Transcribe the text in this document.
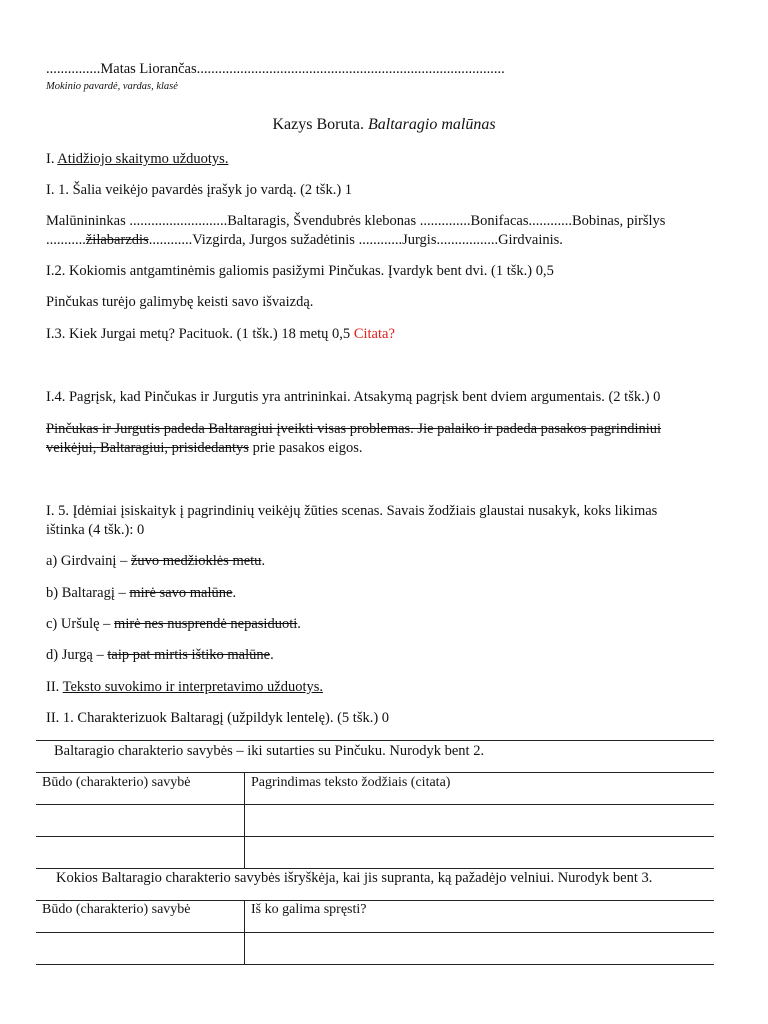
...............Matas Liorančas.....................................................................................
Mokinio pavardė, vardas, klasė
Kazys Boruta. Baltaragio malūnas
I. Atidžiojo skaitymo užduotys.
I. 1. Šalia veikėjo pavardės įrašyk jo vardą. (2 tšk.) 1
Malūnininkas ...........................Baltaragis, Švendubrės klebonas ..............Bonifacas............Bobinas, piršlys
...........žilabarzdis............Vizgirda, Jurgos sužadėtinis ............Jurgis.................Girdvainis.
I.2. Kokiomis antgamtinėmis galiomis pasižymi Pinčukas. Įvardyk bent dvi. (1 tšk.) 0,5
Pinčukas turėjo galimybę keisti savo išvaizdą.
I.3. Kiek Jurgai metų? Pacituok. (1 tšk.) 18 metų 0,5 Citata?
I.4. Pagrįsk, kad Pinčukas ir Jurgutis yra antrininkai. Atsakymą pagrįsk bent dviem argumentais. (2 tšk.) 0
Pinčukas ir Jurgutis padeda Baltaragiui įveikti visas problemas. Jie palaiko ir padeda pasakos pagrindiniui
veikėjui, Baltaragiui, prisidedantys prie pasakos eigos.
I. 5. Įdėmiai įsiskaityk į pagrindinių veikėjų žūties scenas. Savais žodžiais glaustai nusakyk, koks likimas
ištinka (4 tšk.): 0
a) Girdvainį – žuvo medžioklės metu.
b) Baltaragį – mirė savo malūne.
c) Uršulę – mirė nes nusprendė nepasiduoti.
d) Jurgą – taip pat mirtis ištiko malūne.
II. Teksto suvokimo ir interpretavimo užduotys.
II. 1. Charakterizuok Baltaragį (užpildyk lentelę). (5 tšk.) 0
Baltaragio charakterio savybės – iki sutarties su Pinčuku. Nurodyk bent 2.
Būdo (charakterio) savybė	Pagrindimas teksto žodžiais (citata)
Kokios Baltaragio charakterio savybės išryškėja, kai jis supranta, ką pažadėjo velniui. Nurodyk bent 3.
Būdo (charakterio) savybė	Iš ko galima spręsti?
